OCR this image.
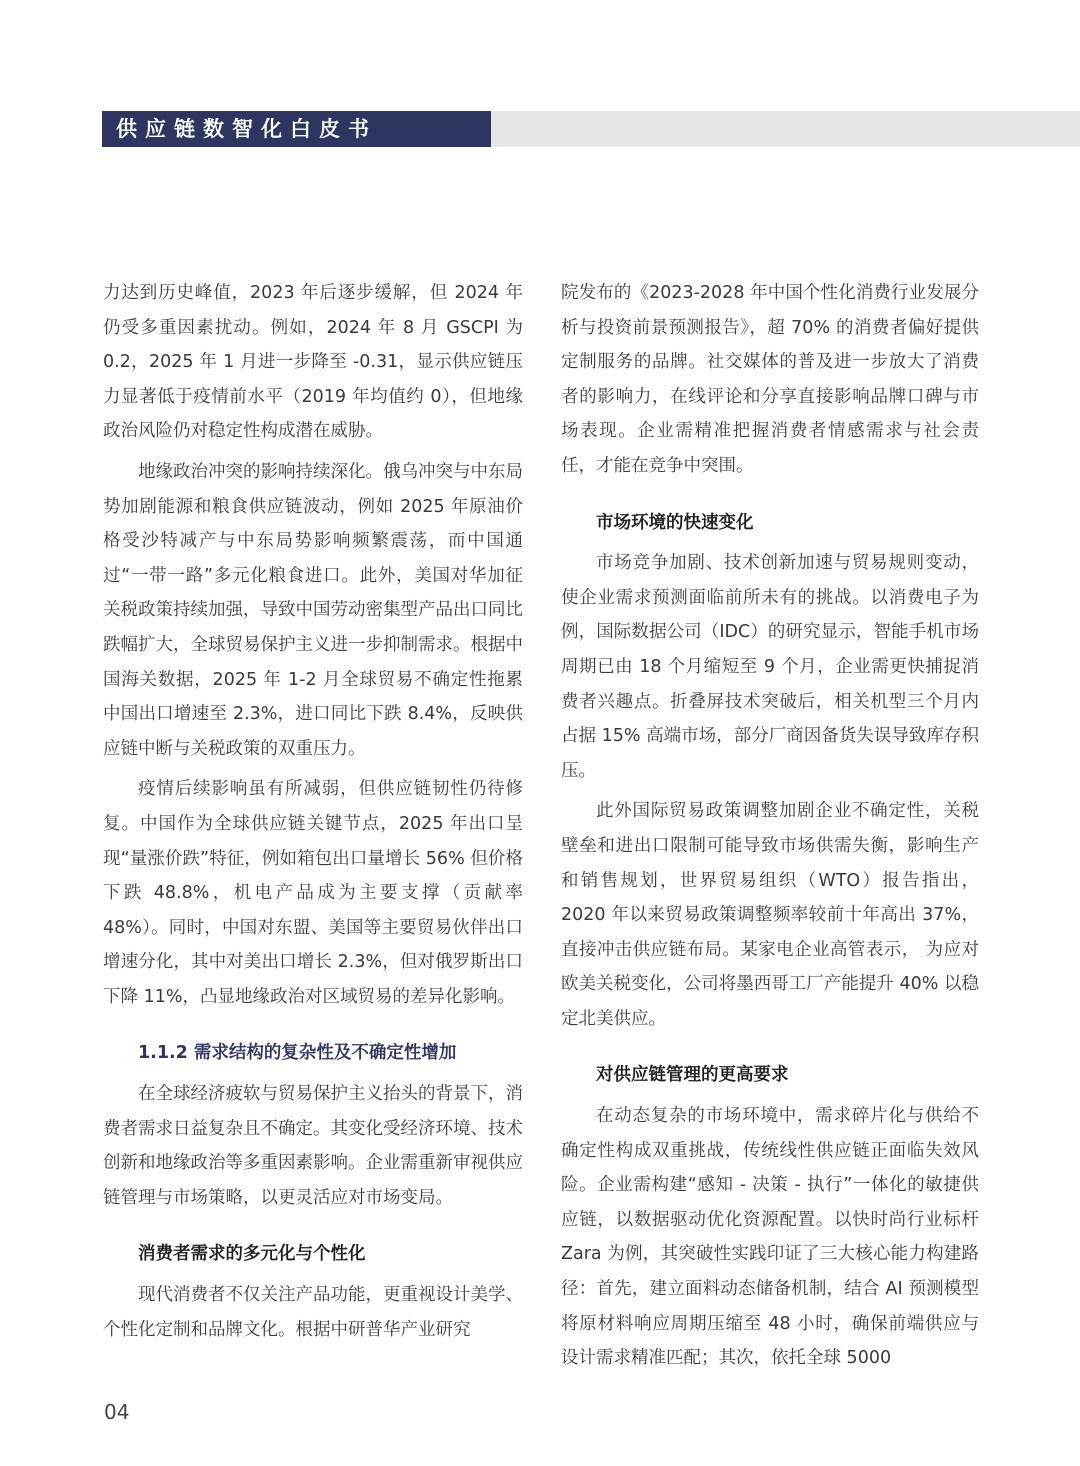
供应链数智化白皮书

力达到历史峰值，2023 年后逐步缓解，但 2024 年仍受多重因素扰动。例如，2024 年 8 月 GSCPI 为 0.2，2025 年 1 月进一步降至 -0.31，显示供应链压力显著低于疫情前水平（2019 年均值约 0），但地缘政治风险仍对稳定性构成潜在威胁。

地缘政治冲突的影响持续深化。俄乌冲突与中东局势加剧能源和粮食供应链波动，例如 2025 年原油价格受沙特减产与中东局势影响频繁震荡，而中国通过“一带一路”多元化粮食进口。此外，美国对华加征关税政策持续加强，导致中国劳动密集型产品出口同比跌幅扩大，全球贸易保护主义进一步抑制需求。根据中国海关数据，2025 年 1-2 月全球贸易不确定性拖累中国出口增速至 2.3%，进口同比下跌 8.4%，反映供应链中断与关税政策的双重压力。

疫情后续影响虽有所减弱，但供应链韧性仍待修复。中国作为全球供应链关键节点，2025 年出口呈现“量涨价跌”特征，例如箱包出口量增长 56% 但价格下跌 48.8%，机电产品成为主要支撑（贡献率 48%）。同时，中国对东盟、美国等主要贸易伙伴出口增速分化，其中对美出口增长 2.3%，但对俄罗斯出口下降 11%，凸显地缘政治对区域贸易的差异化影响。

1.1.2 需求结构的复杂性及不确定性增加

在全球经济疲软与贸易保护主义抬头的背景下，消费者需求日益复杂且不确定。其变化受经济环境、技术创新和地缘政治等多重因素影响。企业需重新审视供应链管理与市场策略，以更灵活应对市场变局。

消费者需求的多元化与个性化

现代消费者不仅关注产品功能，更重视设计美学、个性化定制和品牌文化。根据中研普华产业研究

院发布的《2023-2028 年中国个性化消费行业发展分析与投资前景预测报告》，超 70% 的消费者偏好提供定制服务的品牌。社交媒体的普及进一步放大了消费者的影响力，在线评论和分享直接影响品牌口碑与市场表现。企业需精准把握消费者情感需求与社会责任，才能在竞争中突围。

市场环境的快速变化

市场竞争加剧、技术创新加速与贸易规则变动，使企业需求预测面临前所未有的挑战。以消费电子为例，国际数据公司（IDC）的研究显示，智能手机市场周期已由 18 个月缩短至 9 个月，企业需更快捕捉消费者兴趣点。折叠屏技术突破后，相关机型三个月内占据 15% 高端市场，部分厂商因备货失误导致库存积压。

此外国际贸易政策调整加剧企业不确定性，关税壁垒和进出口限制可能导致市场供需失衡，影响生产和销售规划，世界贸易组织（WTO）报告指出，2020 年以来贸易政策调整频率较前十年高出 37%，直接冲击供应链布局。某家电企业高管表示， 为应对欧美关税变化，公司将墨西哥工厂产能提升 40% 以稳定北美供应。

对供应链管理的更高要求

在动态复杂的市场环境中，需求碎片化与供给不确定性构成双重挑战，传统线性供应链正面临失效风险。企业需构建“感知 - 决策 - 执行”一体化的敏捷供应链，以数据驱动优化资源配置。以快时尚行业标杆 Zara 为例，其突破性实践印证了三大核心能力构建路径：首先，建立面料动态储备机制，结合 AI 预测模型将原材料响应周期压缩至 48 小时，确保前端供应与设计需求精准匹配；其次，依托全球 5000

04
